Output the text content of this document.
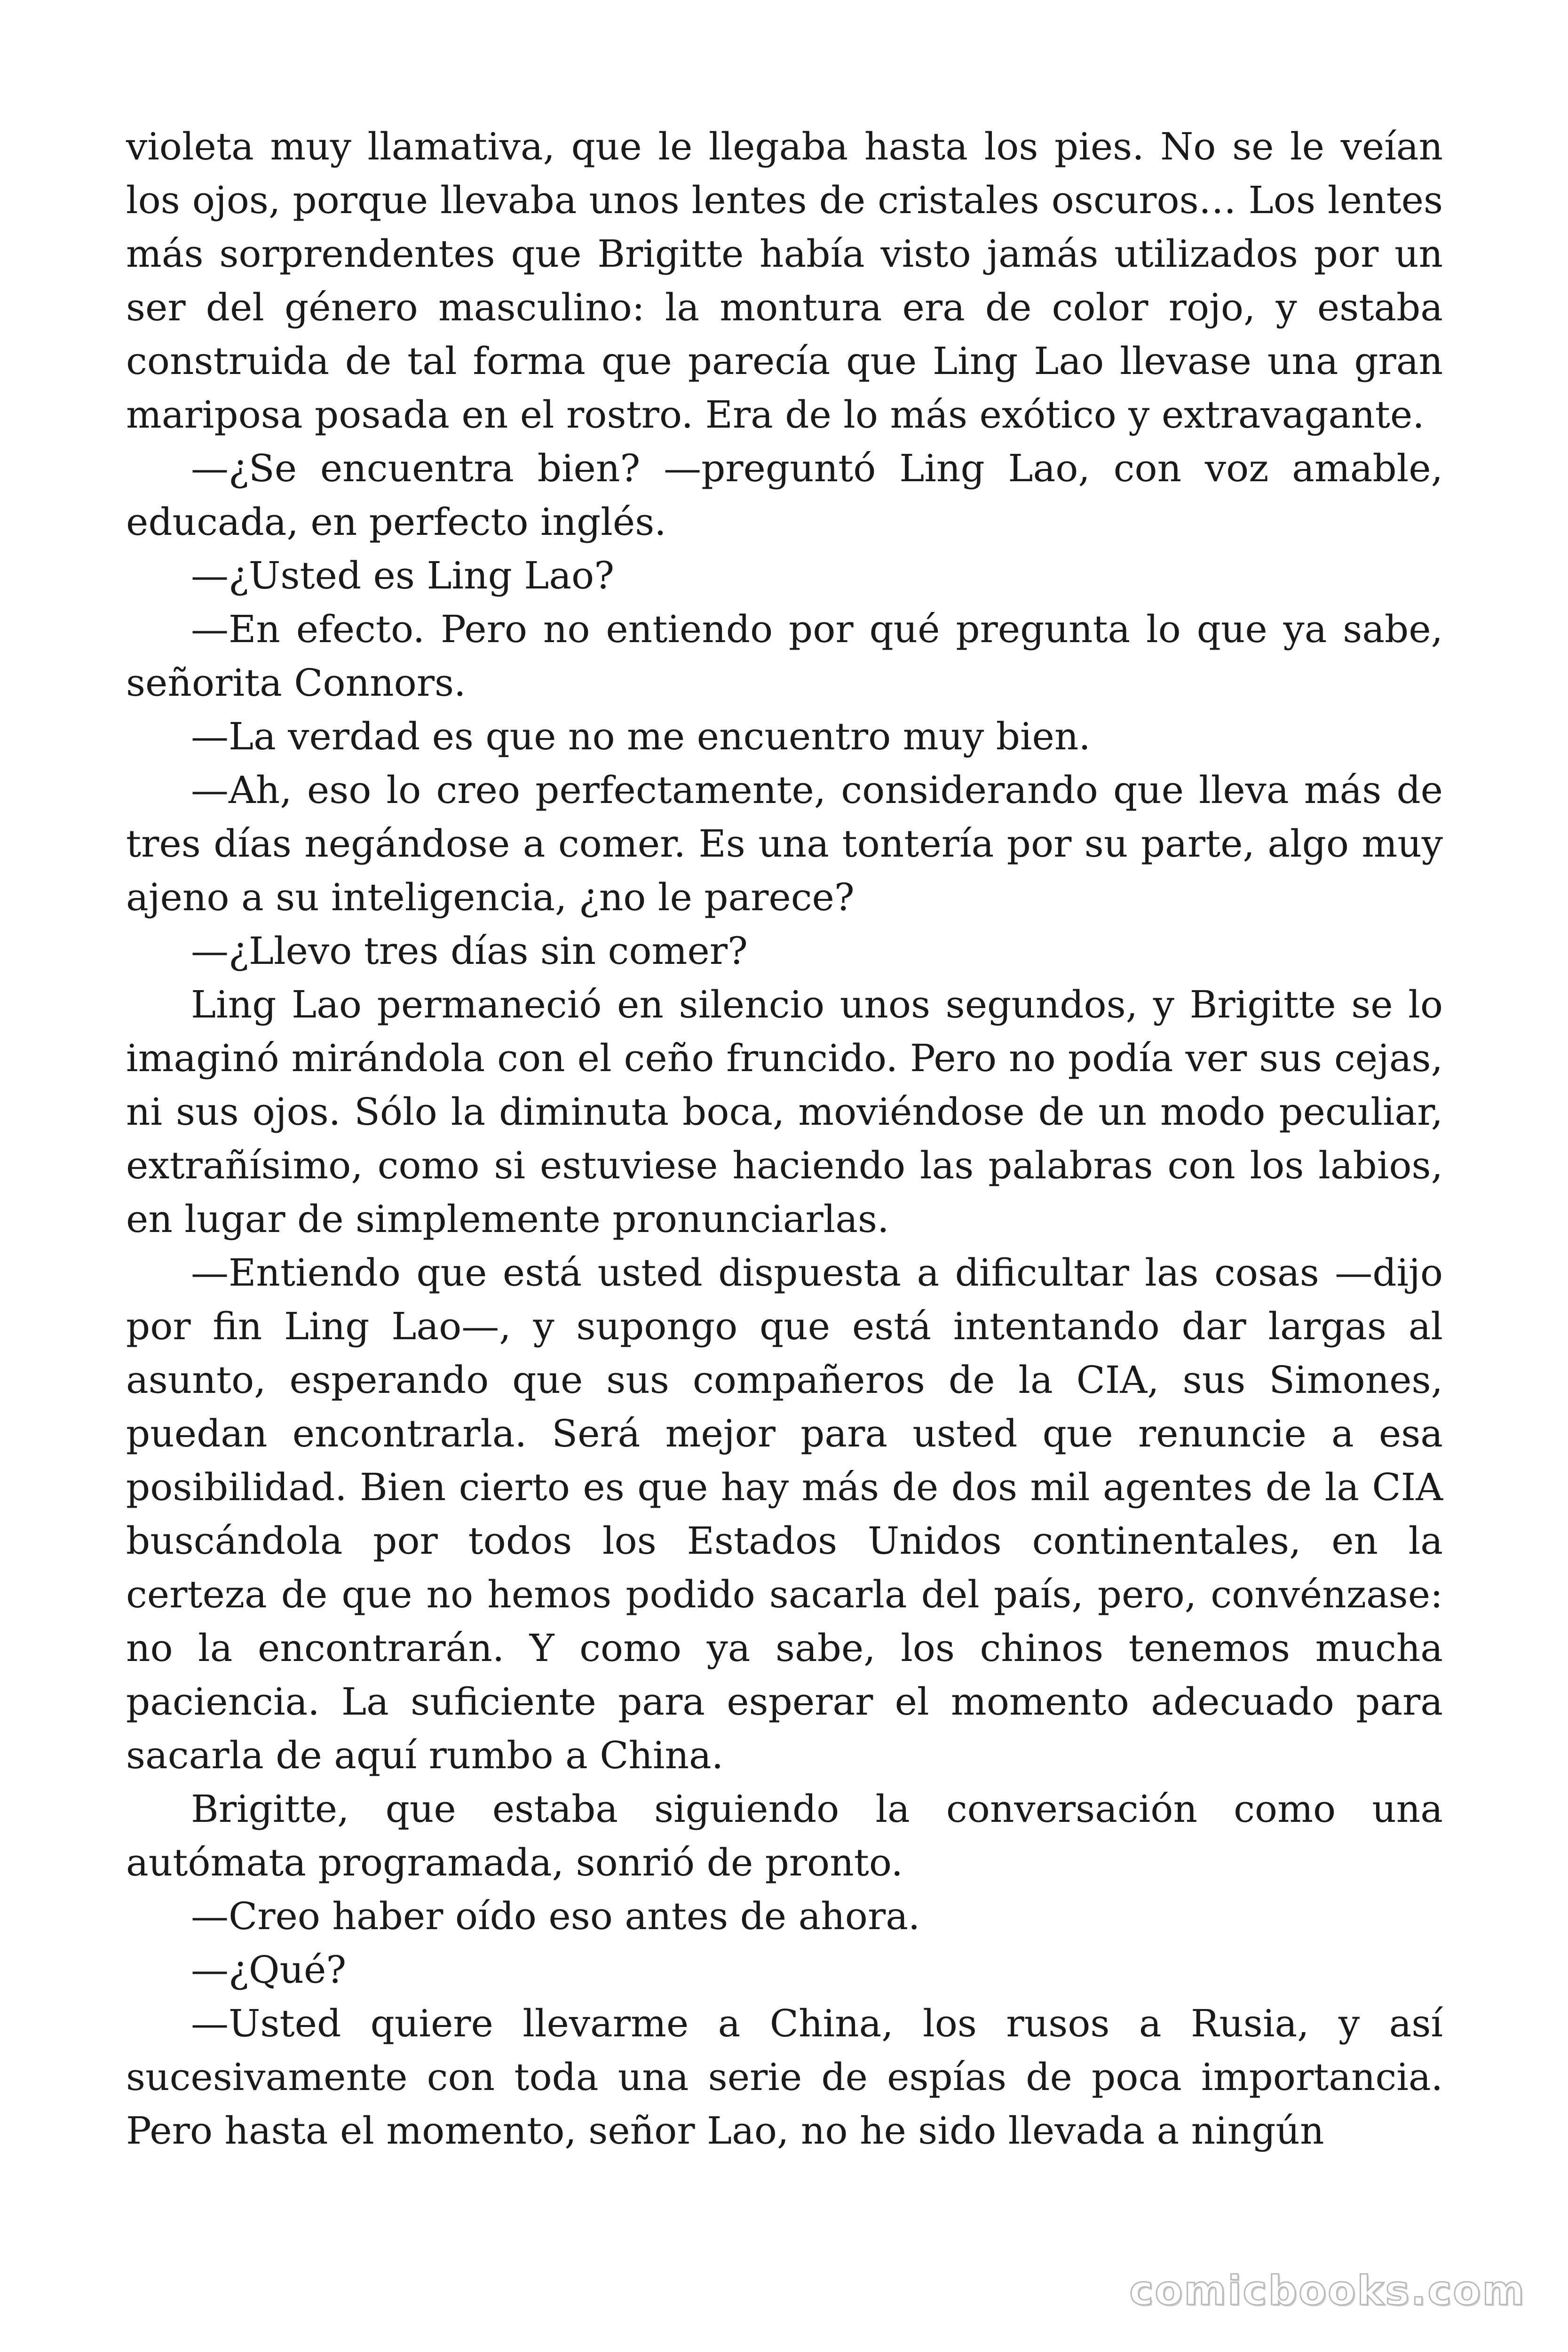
violeta muy llamativa, que le llegaba hasta los pies. No se le veían los ojos, porque llevaba unos lentes de cristales oscuros… Los lentes más sorprendentes que Brigitte había visto jamás utilizados por un ser del género masculino: la montura era de color rojo, y estaba construida de tal forma que parecía que Ling Lao llevase una gran mariposa posada en el rostro. Era de lo más exótico y extravagante.

—¿Se encuentra bien? —preguntó Ling Lao, con voz amable, educada, en perfecto inglés.

—¿Usted es Ling Lao?

—En efecto. Pero no entiendo por qué pregunta lo que ya sabe, señorita Connors.

—La verdad es que no me encuentro muy bien.

—Ah, eso lo creo perfectamente, considerando que lleva más de tres días negándose a comer. Es una tontería por su parte, algo muy ajeno a su inteligencia, ¿no le parece?

—¿Llevo tres días sin comer?

Ling Lao permaneció en silencio unos segundos, y Brigitte se lo imaginó mirándola con el ceño fruncido. Pero no podía ver sus cejas, ni sus ojos. Sólo la diminuta boca, moviéndose de un modo peculiar, extrañísimo, como si estuviese haciendo las palabras con los labios, en lugar de simplemente pronunciarlas.

—Entiendo que está usted dispuesta a dificultar las cosas —dijo por fin Ling Lao—, y supongo que está intentando dar largas al asunto, esperando que sus compañeros de la CIA, sus Simones, puedan encontrarla. Será mejor para usted que renuncie a esa posibilidad. Bien cierto es que hay más de dos mil agentes de la CIA buscándola por todos los Estados Unidos continentales, en la certeza de que no hemos podido sacarla del país, pero, convénzase: no la encontrarán. Y como ya sabe, los chinos tenemos mucha paciencia. La suficiente para esperar el momento adecuado para sacarla de aquí rumbo a China.

Brigitte, que estaba siguiendo la conversación como una autómata programada, sonrió de pronto.

—Creo haber oído eso antes de ahora.

—¿Qué?

—Usted quiere llevarme a China, los rusos a Rusia, y así sucesivamente con toda una serie de espías de poca importancia. Pero hasta el momento, señor Lao, no he sido llevada a ningún

comicbooks.com
